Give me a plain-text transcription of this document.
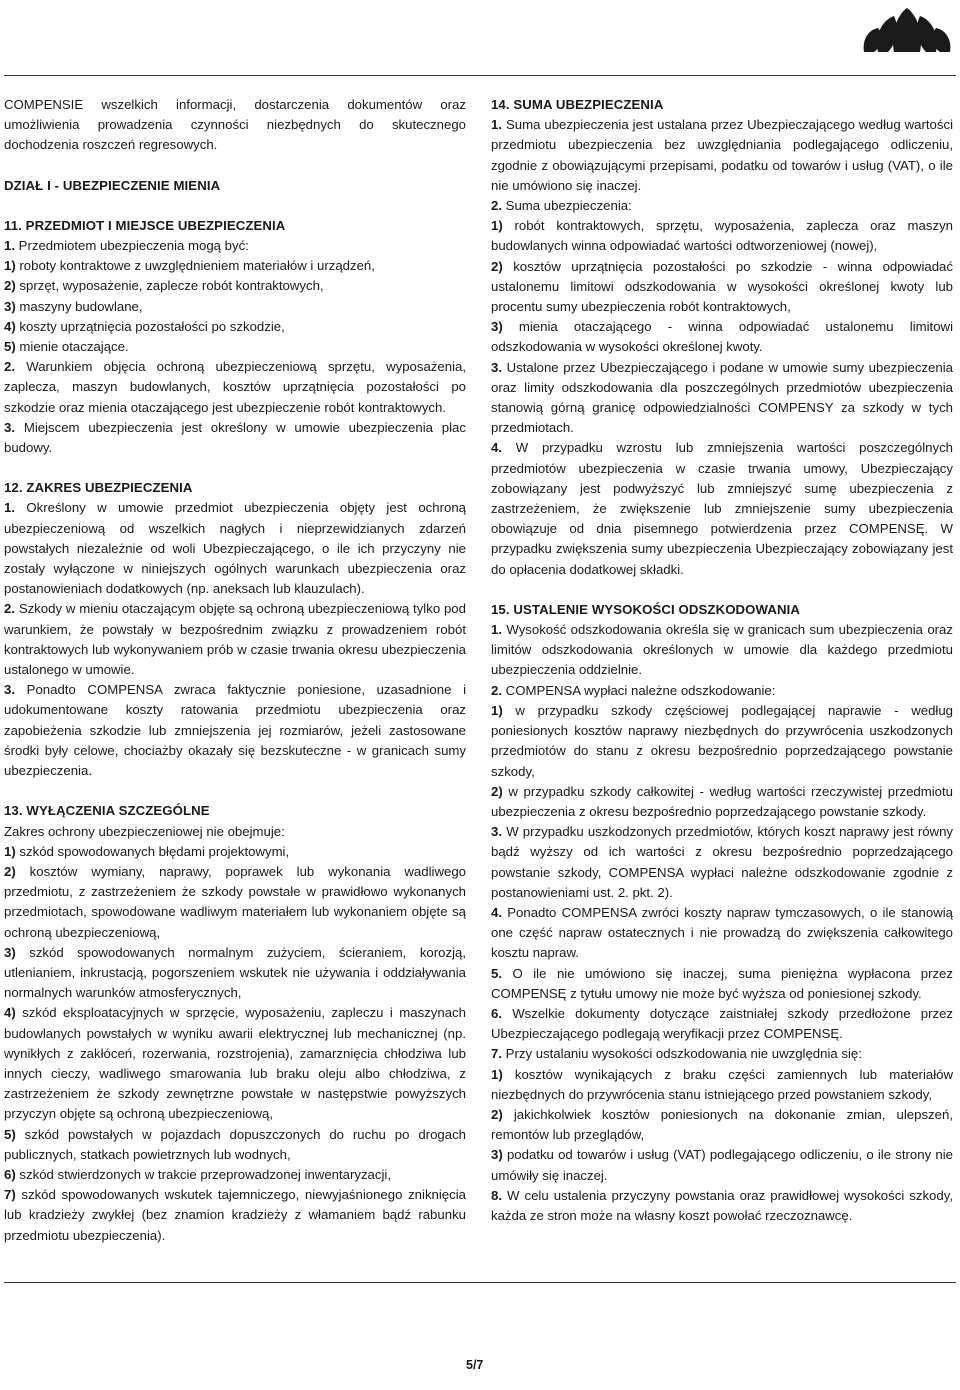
COMPENSIE wszelkich informacji, dostarczenia dokumentów oraz umożliwienia prowadzenia czynności niezbędnych do skutecznego dochodzenia roszczeń regresowych.

DZIAŁ I - UBEZPIECZENIE MIENIA

11. PRZEDMIOT I MIEJSCE UBEZPIECZENIA

1. Przedmiotem ubezpieczenia mogą być:

1) roboty kontraktowe z uwzględnieniem materiałów i urządzeń,

2) sprzęt, wyposażenie, zaplecze robót kontraktowych,

3) maszyny budowlane,

4) koszty uprzątnięcia pozostałości po szkodzie,

5) mienie otaczające.

2. Warunkiem objęcia ochroną ubezpieczeniową sprzętu, wyposażenia, zaplecza, maszyn budowlanych, kosztów uprzątnięcia pozostałości po szkodzie oraz mienia otaczającego jest ubezpieczenie robót kontraktowych.

3. Miejscem ubezpieczenia jest określony w umowie ubezpieczenia plac budowy.

12. ZAKRES UBEZPIECZENIA

1. Określony w umowie przedmiot ubezpieczenia objęty jest ochroną ubezpieczeniową od wszelkich nagłych i nieprzewidzianych zdarzeń powstałych niezależnie od woli Ubezpieczającego, o ile ich przyczyny nie zostały wyłączone w niniejszych ogólnych warunkach ubezpieczenia oraz postanowieniach dodatkowych (np. aneksach lub klauzulach).

2. Szkody w mieniu otaczającym objęte są ochroną ubezpieczeniową tylko pod warunkiem, że powstały w bezpośrednim związku z prowadzeniem robót kontraktowych lub wykonywaniem prób w czasie trwania okresu ubezpieczenia ustalonego w umowie.

3. Ponadto COMPENSA zwraca faktycznie poniesione, uzasadnione i udokumentowane koszty ratowania przedmiotu ubezpieczenia oraz zapobieżenia szkodzie lub zmniejszenia jej rozmiarów, jeżeli zastosowane środki były celowe, chociażby okazały się bezskuteczne - w granicach sumy ubezpieczenia.

13. WYŁĄCZENIA SZCZEGÓLNE

Zakres ochrony ubezpieczeniowej nie obejmuje:

1) szkód spowodowanych błędami projektowymi,

2) kosztów wymiany, naprawy, poprawek lub wykonania wadliwego przedmiotu, z zastrzeżeniem że szkody powstałe w prawidłowo wykonanych przedmiotach, spowodowane wadliwym materiałem lub wykonaniem objęte są ochroną ubezpieczeniową,

3) szkód spowodowanych normalnym zużyciem, ścieraniem, korozją, utlenianiem, inkrustacją, pogorszeniem wskutek nie używania i oddziaływania normalnych warunków atmosferycznych,

4) szkód eksploatacyjnych w sprzęcie, wyposażeniu, zapleczu i maszynach budowlanych powstałych w wyniku awarii elektrycznej lub mechanicznej (np. wynikłych z zakłóceń, rozerwania, rozstrojenia), zamarznięcia chłodziwa lub innych cieczy, wadliwego smarowania lub braku oleju albo chłodziwa, z zastrzeżeniem że szkody zewnętrzne powstałe w następstwie powyższych przyczyn objęte są ochroną ubezpieczeniową,

5) szkód powstałych w pojazdach dopuszczonych do ruchu po drogach publicznych, statkach powietrznych lub wodnych,

6) szkód stwierdzonych w trakcie przeprowadzonej inwentaryzacji,

7) szkód spowodowanych wskutek tajemniczego, niewyjaśnionego zniknięcia lub kradzieży zwykłej (bez znamion kradzieży z włamaniem bądź rabunku przedmiotu ubezpieczenia).

14. SUMA UBEZPIECZENIA

1. Suma ubezpieczenia jest ustalana przez Ubezpieczającego według wartości przedmiotu ubezpieczenia bez uwzględniania podlegającego odliczeniu, zgodnie z obowiązującymi przepisami, podatku od towarów i usług (VAT), o ile nie umówiono się inaczej.

2. Suma ubezpieczenia:

1) robót kontraktowych, sprzętu, wyposażenia, zaplecza oraz maszyn budowlanych winna odpowiadać wartości odtworzeniowej (nowej),

2) kosztów uprzątnięcia pozostałości po szkodzie - winna odpowiadać ustalonemu limitowi odszkodowania w wysokości określonej kwoty lub procentu sumy ubezpieczenia robót kontraktowych,

3) mienia otaczającego - winna odpowiadać ustalonemu limitowi odszkodowania w wysokości określonej kwoty.

3. Ustalone przez Ubezpieczającego i podane w umowie sumy ubezpieczenia oraz limity odszkodowania dla poszczególnych przedmiotów ubezpieczenia stanowią górną granicę odpowiedzialności COMPENSY za szkody w tych przedmiotach.

4. W przypadku wzrostu lub zmniejszenia wartości poszczególnych przedmiotów ubezpieczenia w czasie trwania umowy, Ubezpieczający zobowiązany jest podwyższyć lub zmniejszyć sumę ubezpieczenia z zastrzeżeniem, że zwiększenie lub zmniejszenie sumy ubezpieczenia obowiązuje od dnia pisemnego potwierdzenia przez COMPENSĘ. W przypadku zwiększenia sumy ubezpieczenia Ubezpieczający zobowiązany jest do opłacenia dodatkowej składki.

15. USTALENIE WYSOKOŚCI ODSZKODOWANIA

1. Wysokość odszkodowania określa się w granicach sum ubezpieczenia oraz limitów odszkodowania określonych w umowie dla każdego przedmiotu ubezpieczenia oddzielnie.

2. COMPENSA wypłaci należne odszkodowanie:

1) w przypadku szkody częściowej podlegającej naprawie - według poniesionych kosztów naprawy niezbędnych do przywrócenia uszkodzonych przedmiotów do stanu z okresu bezpośrednio poprzedzającego powstanie szkody,

2) w przypadku szkody całkowitej - według wartości rzeczywistej przedmiotu ubezpieczenia z okresu bezpośrednio poprzedzającego powstanie szkody.

3. W przypadku uszkodzonych przedmiotów, których koszt naprawy jest równy bądź wyższy od ich wartości z okresu bezpośrednio poprzedzającego powstanie szkody, COMPENSA wypłaci należne odszkodowanie zgodnie z postanowieniami ust. 2. pkt. 2).

4. Ponadto COMPENSA zwróci koszty napraw tymczasowych, o ile stanowią one część napraw ostatecznych i nie prowadzą do zwiększenia całkowitego kosztu napraw.

5. O ile nie umówiono się inaczej, suma pieniężna wypłacona przez COMPENSĘ z tytułu umowy nie może być wyższa od poniesionej szkody.

6. Wszelkie dokumenty dotyczące zaistniałej szkody przedłożone przez Ubezpieczającego podlegają weryfikacji przez COMPENSĘ.

7. Przy ustalaniu wysokości odszkodowania nie uwzględnia się:

1) kosztów wynikających z braku części zamiennych lub materiałów niezbędnych do przywrócenia stanu istniejącego przed powstaniem szkody,

2) jakichkolwiek kosztów poniesionych na dokonanie zmian, ulepszeń, remontów lub przeglądów,

3) podatku od towarów i usług (VAT) podlegającego odliczeniu, o ile strony nie umówiły się inaczej.

8. W celu ustalenia przyczyny powstania oraz prawidłowej wysokości szkody, każda ze stron może na własny koszt powołać rzeczoznawcę.

5/7
